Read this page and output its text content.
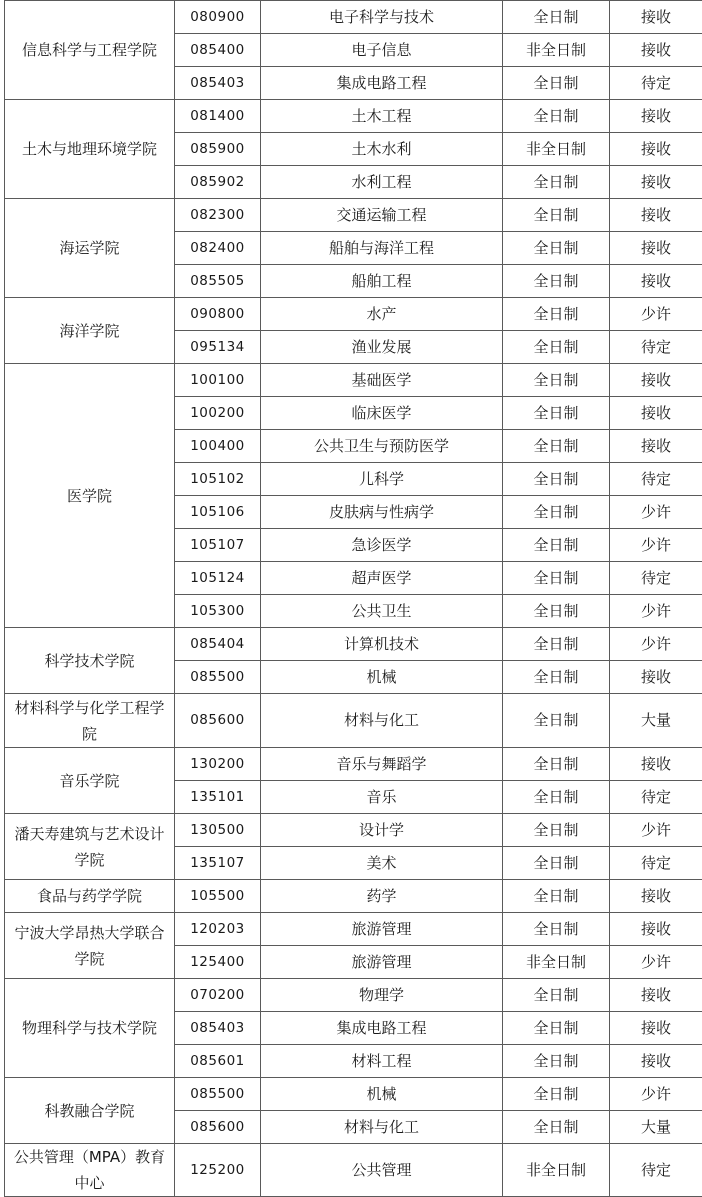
信息科学与工程学院	080900	电子科学与技术	全日制	接收
	085400	电子信息	非全日制	接收
	085403	集成电路工程	全日制	待定
土木与地理环境学院	081400	土木工程	全日制	接收
	085900	土木水利	非全日制	接收
	085902	水利工程	全日制	接收
海运学院	082300	交通运输工程	全日制	接收
	082400	船舶与海洋工程	全日制	接收
	085505	船舶工程	全日制	接收
海洋学院	090800	水产	全日制	少许
	095134	渔业发展	全日制	待定
医学院	100100	基础医学	全日制	接收
	100200	临床医学	全日制	接收
	100400	公共卫生与预防医学	全日制	接收
	105102	儿科学	全日制	待定
	105106	皮肤病与性病学	全日制	少许
	105107	急诊医学	全日制	少许
	105124	超声医学	全日制	待定
	105300	公共卫生	全日制	少许
科学技术学院	085404	计算机技术	全日制	少许
	085500	机械	全日制	接收
材料科学与化学工程学院	085600	材料与化工	全日制	大量
音乐学院	130200	音乐与舞蹈学	全日制	接收
	135101	音乐	全日制	待定
潘天寿建筑与艺术设计学院	130500	设计学	全日制	少许
	135107	美术	全日制	待定
食品与药学学院	105500	药学	全日制	接收
宁波大学昂热大学联合学院	120203	旅游管理	全日制	接收
	125400	旅游管理	非全日制	少许
物理科学与技术学院	070200	物理学	全日制	接收
	085403	集成电路工程	全日制	接收
	085601	材料工程	全日制	接收
科教融合学院	085500	机械	全日制	少许
	085600	材料与化工	全日制	大量
公共管理（MPA）教育中心	125200	公共管理	非全日制	待定
